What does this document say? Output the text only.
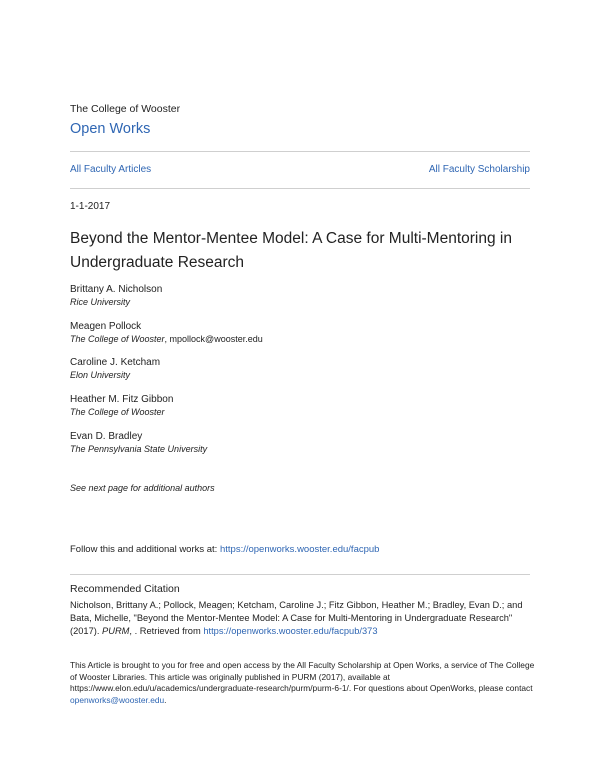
The College of Wooster
Open Works
All Faculty Articles	All Faculty Scholarship
1-1-2017
Beyond the Mentor-Mentee Model: A Case for Multi-Mentoring in Undergraduate Research
Brittany A. Nicholson
Rice University
Meagen Pollock
The College of Wooster, mpollock@wooster.edu
Caroline J. Ketcham
Elon University
Heather M. Fitz Gibbon
The College of Wooster
Evan D. Bradley
The Pennsylvania State University
See next page for additional authors
Follow this and additional works at: https://openworks.wooster.edu/facpub
Recommended Citation
Nicholson, Brittany A.; Pollock, Meagen; Ketcham, Caroline J.; Fitz Gibbon, Heather M.; Bradley, Evan D.; and Bata, Michelle, "Beyond the Mentor-Mentee Model: A Case for Multi-Mentoring in Undergraduate Research" (2017). PURM, . Retrieved from https://openworks.wooster.edu/facpub/373
This Article is brought to you for free and open access by the All Faculty Scholarship at Open Works, a service of The College of Wooster Libraries. This article was originally published in PURM (2017), available at https://www.elon.edu/u/academics/undergraduate-research/purm/purm-6-1/. For questions about OpenWorks, please contact openworks@wooster.edu.
